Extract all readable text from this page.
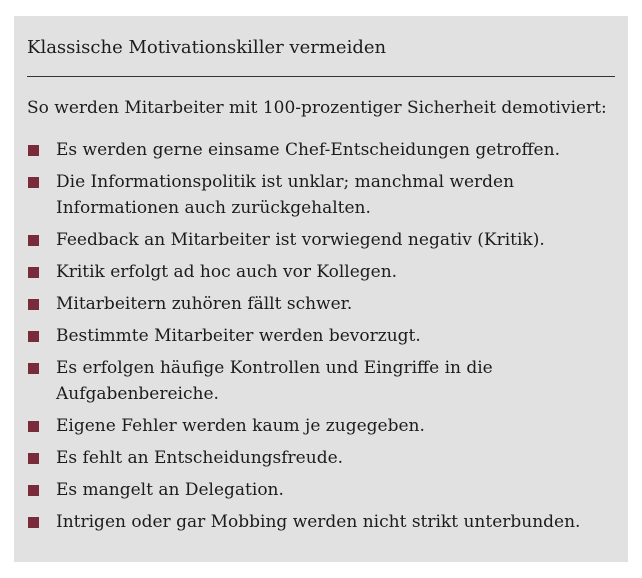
Klassische Motivationskiller vermeiden
So werden Mitarbeiter mit 100-prozentiger Sicherheit demotiviert:
Es werden gerne einsame Chef-Entscheidungen getroffen.
Die Informationspolitik ist unklar; manchmal werden Informationen auch zurückgehalten.
Feedback an Mitarbeiter ist vorwiegend negativ (Kritik).
Kritik erfolgt ad hoc auch vor Kollegen.
Mitarbeitern zuhören fällt schwer.
Bestimmte Mitarbeiter werden bevorzugt.
Es erfolgen häufige Kontrollen und Eingriffe in die Aufgabenbereiche.
Eigene Fehler werden kaum je zugegeben.
Es fehlt an Entscheidungsfreude.
Es mangelt an Delegation.
Intrigen oder gar Mobbing werden nicht strikt unterbunden.
